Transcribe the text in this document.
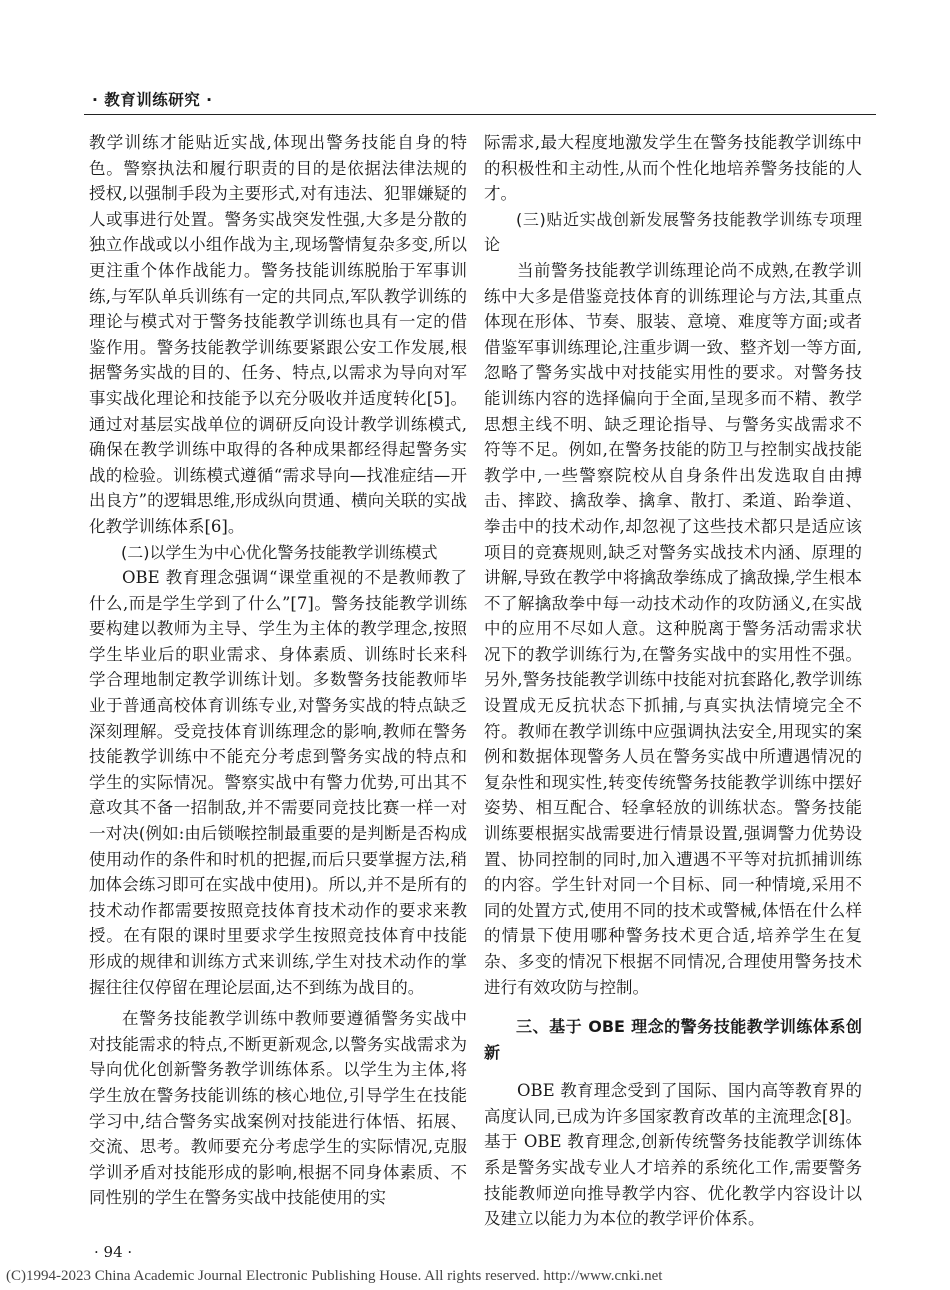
· 教育训练研究 ·

教学训练才能贴近实战,体现出警务技能自身的特色。警察执法和履行职责的目的是依据法律法规的授权,以强制手段为主要形式,对有违法、犯罪嫌疑的人或事进行处置。警务实战突发性强,大多是分散的独立作战或以小组作战为主,现场警情复杂多变,所以更注重个体作战能力。警务技能训练脱胎于军事训练,与军队单兵训练有一定的共同点,军队教学训练的理论与模式对于警务技能教学训练也具有一定的借鉴作用。警务技能教学训练要紧跟公安工作发展,根据警务实战的目的、任务、特点,以需求为导向对军事实战化理论和技能予以充分吸收并适度转化[5]。通过对基层实战单位的调研反向设计教学训练模式,确保在教学训练中取得的各种成果都经得起警务实战的检验。训练模式遵循“需求导向—找准症结—开出良方”的逻辑思维,形成纵向贯通、横向关联的实战化教学训练体系[6]。

(二)以学生为中心优化警务技能教学训练模式

OBE 教育理念强调“课堂重视的不是教师教了什么,而是学生学到了什么”[7]。警务技能教学训练要构建以教师为主导、学生为主体的教学理念,按照学生毕业后的职业需求、身体素质、训练时长来科学合理地制定教学训练计划。多数警务技能教师毕业于普通高校体育训练专业,对警务实战的特点缺乏深刻理解。受竞技体育训练理念的影响,教师在警务技能教学训练中不能充分考虑到警务实战的特点和学生的实际情况。警察实战中有警力优势,可出其不意攻其不备一招制敌,并不需要同竞技比赛一样一对一对决(例如:由后锁喉控制最重要的是判断是否构成使用动作的条件和时机的把握,而后只要掌握方法,稍加体会练习即可在实战中使用)。所以,并不是所有的技术动作都需要按照竞技体育技术动作的要求来教授。在有限的课时里要求学生按照竞技体育中技能形成的规律和训练方式来训练,学生对技术动作的掌握往往仅停留在理论层面,达不到练为战目的。

在警务技能教学训练中教师要遵循警务实战中对技能需求的特点,不断更新观念,以警务实战需求为导向优化创新警务教学训练体系。以学生为主体,将学生放在警务技能训练的核心地位,引导学生在技能学习中,结合警务实战案例对技能进行体悟、拓展、交流、思考。教师要充分考虑学生的实际情况,克服学训矛盾对技能形成的影响,根据不同身体素质、不同性别的学生在警务实战中技能使用的实

际需求,最大程度地激发学生在警务技能教学训练中的积极性和主动性,从而个性化地培养警务技能的人才。

(三)贴近实战创新发展警务技能教学训练专项理论

当前警务技能教学训练理论尚不成熟,在教学训练中大多是借鉴竞技体育的训练理论与方法,其重点体现在形体、节奏、服装、意境、难度等方面;或者借鉴军事训练理论,注重步调一致、整齐划一等方面,忽略了警务实战中对技能实用性的要求。对警务技能训练内容的选择偏向于全面,呈现多而不精、教学思想主线不明、缺乏理论指导、与警务实战需求不符等不足。例如,在警务技能的防卫与控制实战技能教学中,一些警察院校从自身条件出发选取自由搏击、摔跤、擒敌拳、擒拿、散打、柔道、跆拳道、拳击中的技术动作,却忽视了这些技术都只是适应该项目的竞赛规则,缺乏对警务实战技术内涵、原理的讲解,导致在教学中将擒敌拳练成了擒敌操,学生根本不了解擒敌拳中每一动技术动作的攻防涵义,在实战中的应用不尽如人意。这种脱离于警务活动需求状况下的教学训练行为,在警务实战中的实用性不强。另外,警务技能教学训练中技能对抗套路化,教学训练设置成无反抗状态下抓捕,与真实执法情境完全不符。教师在教学训练中应强调执法安全,用现实的案例和数据体现警务人员在警务实战中所遭遇情况的复杂性和现实性,转变传统警务技能教学训练中摆好姿势、相互配合、轻拿轻放的训练状态。警务技能训练要根据实战需要进行情景设置,强调警力优势设置、协同控制的同时,加入遭遇不平等对抗抓捕训练的内容。学生针对同一个目标、同一种情境,采用不同的处置方式,使用不同的技术或警械,体悟在什么样的情景下使用哪种警务技术更合适,培养学生在复杂、多变的情况下根据不同情况,合理使用警务技术进行有效攻防与控制。

三、基于 OBE 理念的警务技能教学训练体系创新

OBE 教育理念受到了国际、国内高等教育界的高度认同,已成为许多国家教育改革的主流理念[8]。基于 OBE 教育理念,创新传统警务技能教学训练体系是警务实战专业人才培养的系统化工作,需要警务技能教师逆向推导教学内容、优化教学内容设计以及建立以能力为本位的教学评价体系。

· 94 ·
(C)1994-2023 China Academic Journal Electronic Publishing House. All rights reserved. http://www.cnki.net
